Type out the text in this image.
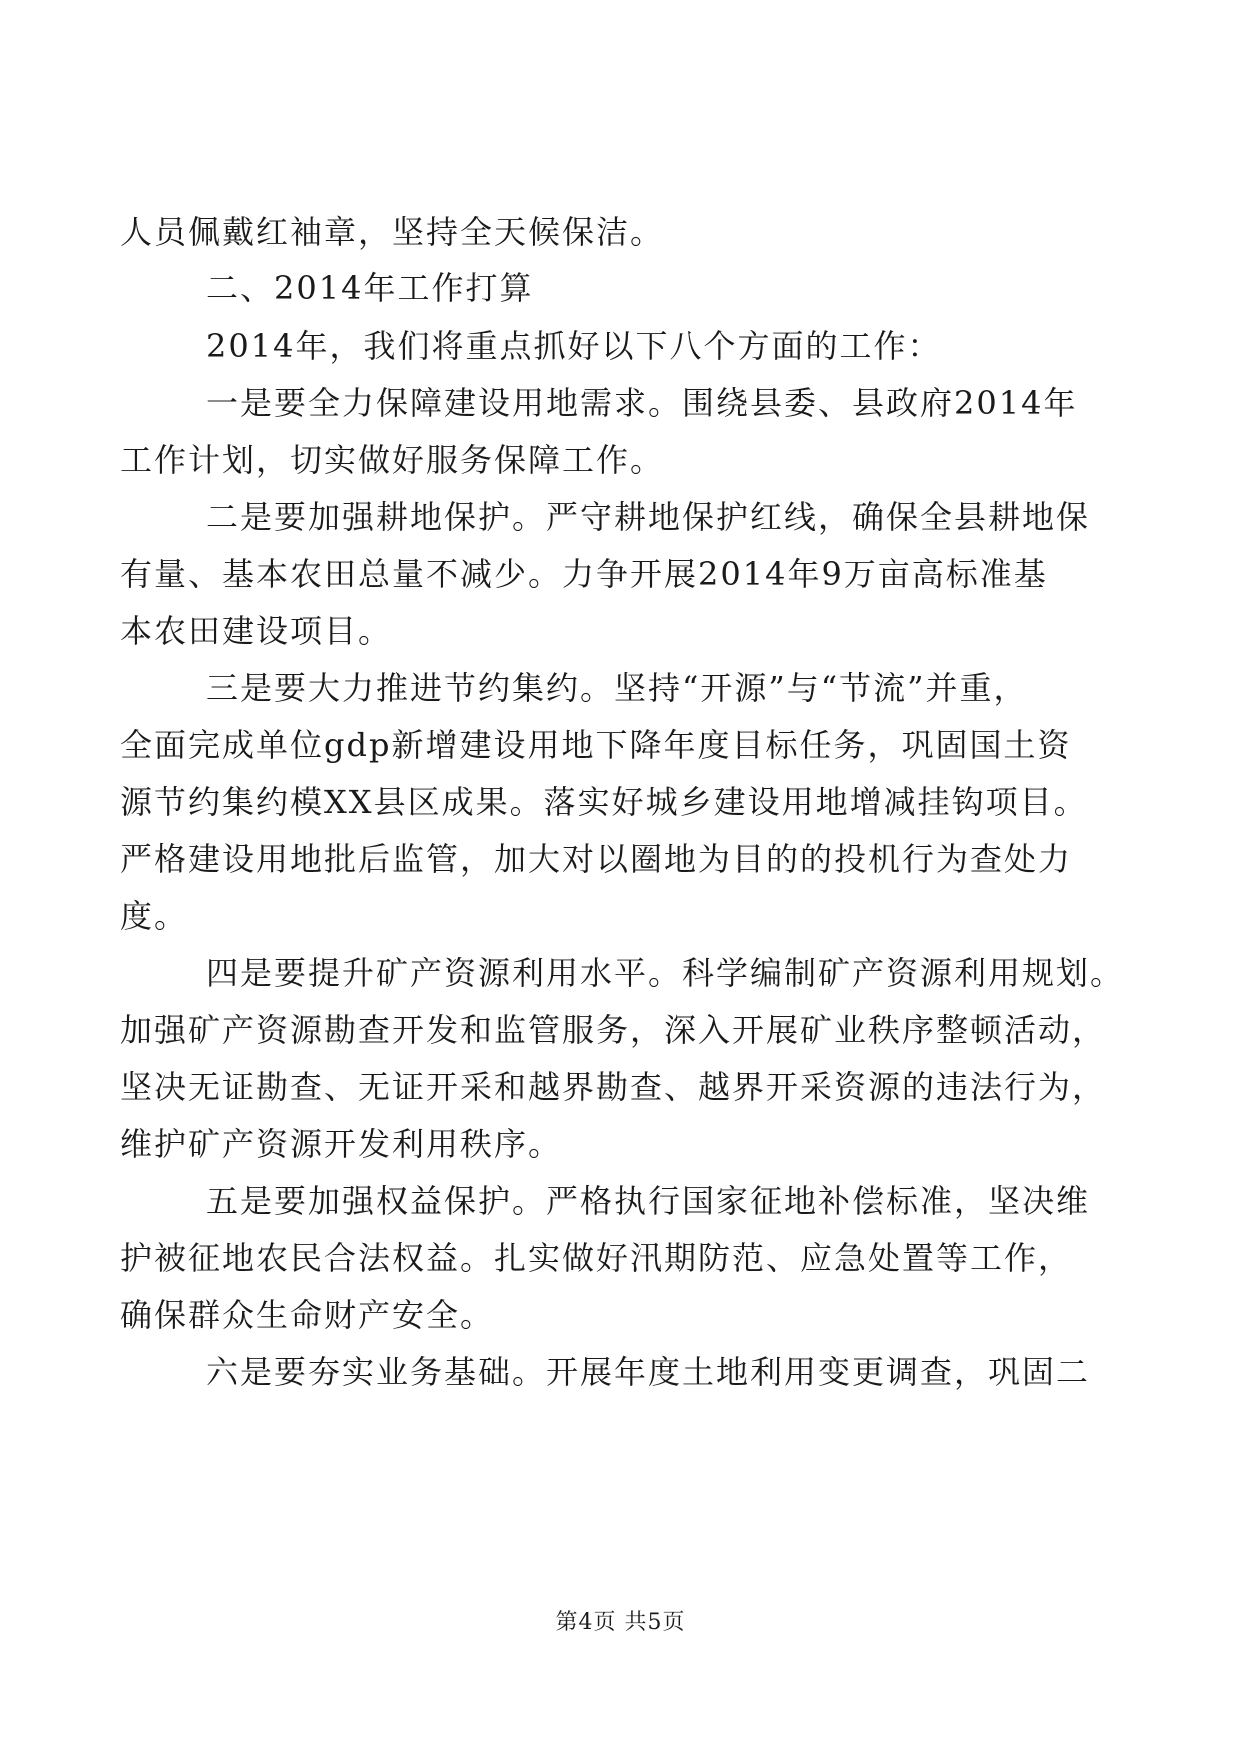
人员佩戴红袖章，坚持全天候保洁。
二、2014年工作打算
2014年，我们将重点抓好以下八个方面的工作：
一是要全力保障建设用地需求。围绕县委、县政府2014年
工作计划，切实做好服务保障工作。
二是要加强耕地保护。严守耕地保护红线，确保全县耕地保
有量、基本农田总量不减少。力争开展2014年9万亩高标准基
本农田建设项目。
三是要大力推进节约集约。坚持“开源”与“节流”并重，
全面完成单位gdp新增建设用地下降年度目标任务，巩固国土资
源节约集约模XX县区成果。落实好城乡建设用地增减挂钩项目。
严格建设用地批后监管，加大对以圈地为目的的投机行为查处力
度。
四是要提升矿产资源利用水平。科学编制矿产资源利用规划。
加强矿产资源勘查开发和监管服务，深入开展矿业秩序整顿活动，
坚决无证勘查、无证开采和越界勘查、越界开采资源的违法行为，
维护矿产资源开发利用秩序。
五是要加强权益保护。严格执行国家征地补偿标准，坚决维
护被征地农民合法权益。扎实做好汛期防范、应急处置等工作，
确保群众生命财产安全。
六是要夯实业务基础。开展年度土地利用变更调查，巩固二
第4页 共5页
